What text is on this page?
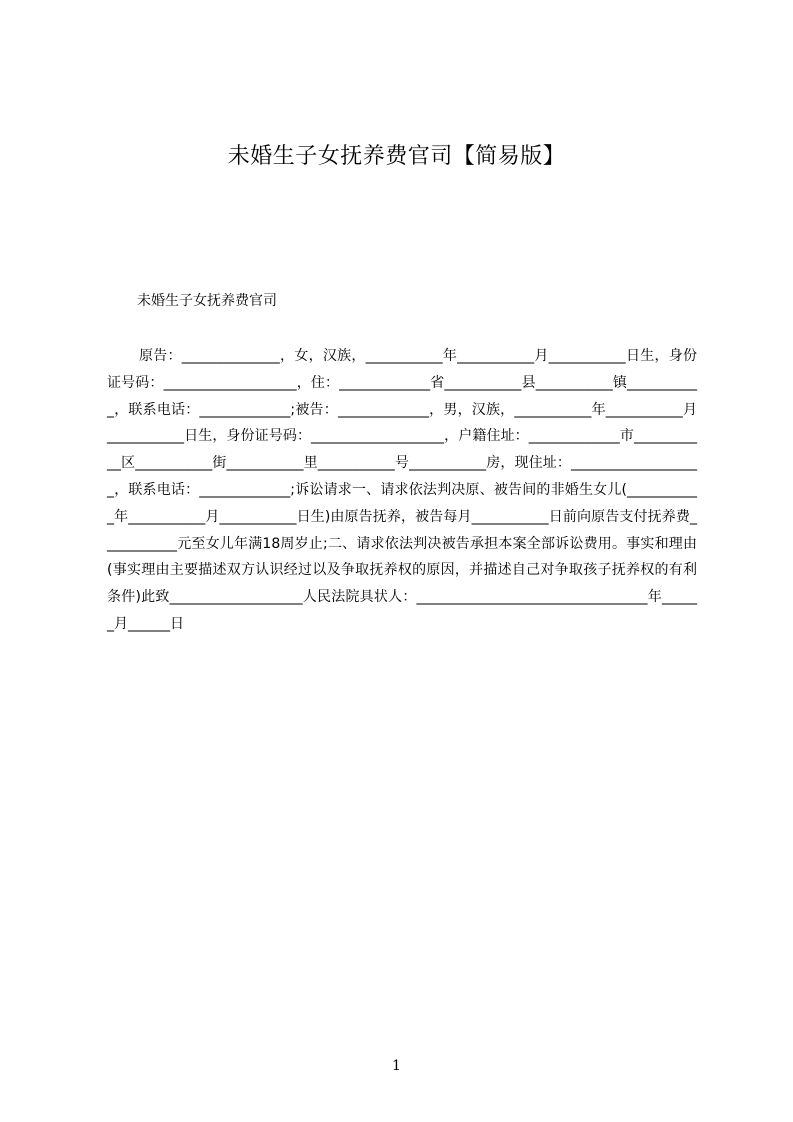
未婚生子女抚养费官司【简易版】
未婚生子女抚养费官司

原告：______________，女，汉族，___________年___________月___________日生，身份证号码：___________________，住：_____________省___________县___________镇___________，联系电话：_____________;被告：_____________，男，汉族，___________年___________月___________日生，身份证号码：___________________，户籍住址：_____________市___________区___________街___________里___________号___________房，现住址：___________________，联系电话：_____________;诉讼请求一、请求依法判决原、被告间的非婚生女儿(___________年___________月___________日生)由原告抚养，被告每月___________日前向原告支付抚养费___________元至女儿年满18周岁止;二、请求依法判决被告承担本案全部诉讼费用。事实和理由(事实理由主要描述双方认识经过以及争取抚养权的原因，并描述自己对争取孩子抚养权的有利条件)此致___________________人民法院具状人：_________________________________年______月______日

1
